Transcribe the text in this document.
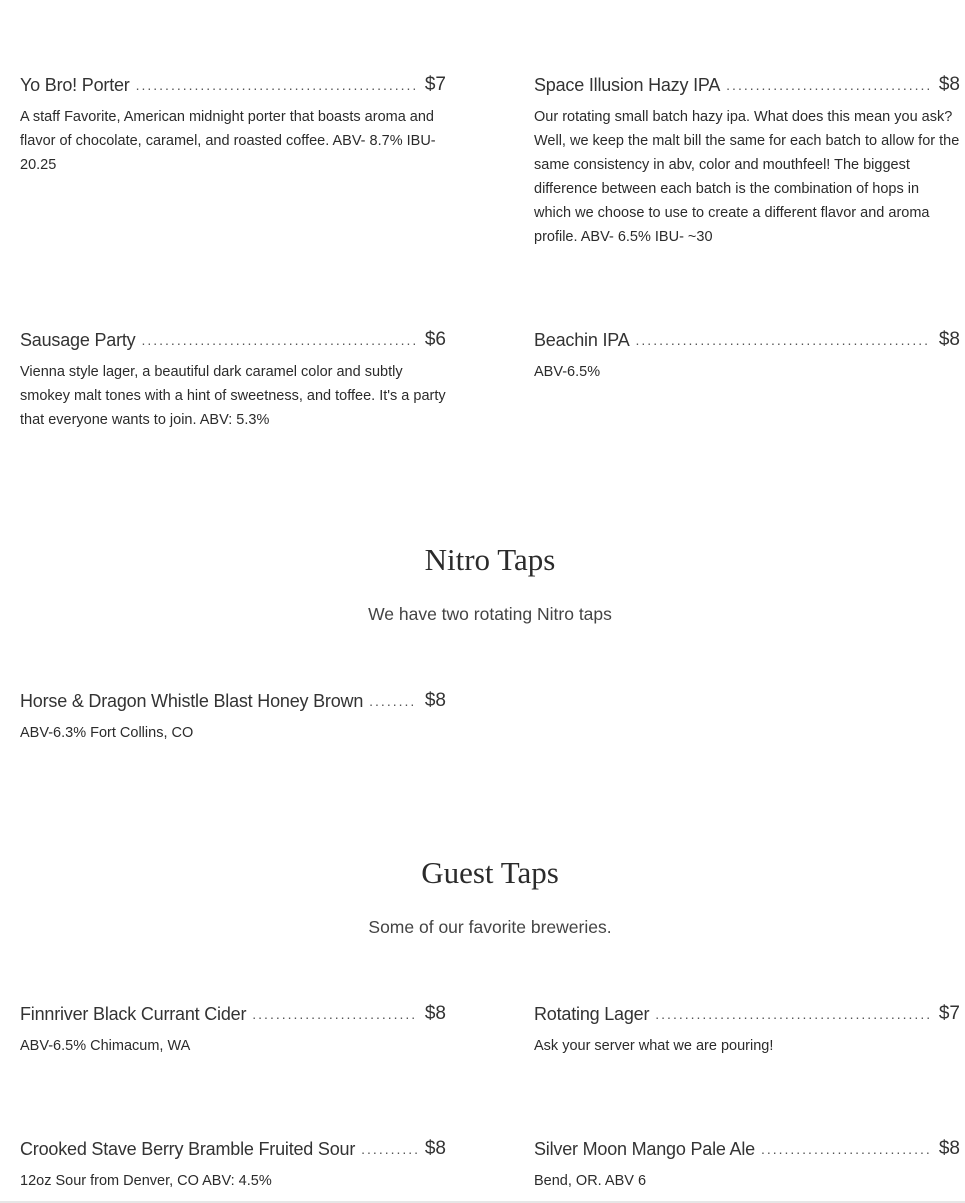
Yo Bro! Porter .....	$7
A staff Favorite, American midnight porter that boasts aroma and flavor of chocolate, caramel, and roasted coffee. ABV- 8.7% IBU- 20.25
Space Illusion Hazy IPA .....	$8
Our rotating small batch hazy ipa. What does this mean you ask? Well, we keep the malt bill the same for each batch to allow for the same consistency in abv, color and mouthfeel! The biggest difference between each batch is the combination of hops in which we choose to use to create a different flavor and aroma profile. ABV- 6.5% IBU- ~30
Sausage Party .....	$6
Vienna style lager, a beautiful dark caramel color and subtly smokey malt tones with a hint of sweetness, and toffee. It's a party that everyone wants to join. ABV: 5.3%
Beachin IPA .....	$8
ABV-6.5%
Nitro Taps
We have two rotating Nitro taps
Horse & Dragon Whistle Blast Honey Brown .....	$8
ABV-6.3% Fort Collins, CO
Guest Taps
Some of our favorite breweries.
Finnriver Black Currant Cider .....	$8
ABV-6.5% Chimacum, WA
Rotating Lager .....	$7
Ask your server what we are pouring!
Crooked Stave Berry Bramble Fruited Sour .....	$8
12oz Sour from Denver, CO ABV: 4.5%
Silver Moon Mango Pale Ale .....	$8
Bend, OR. ABV 6
